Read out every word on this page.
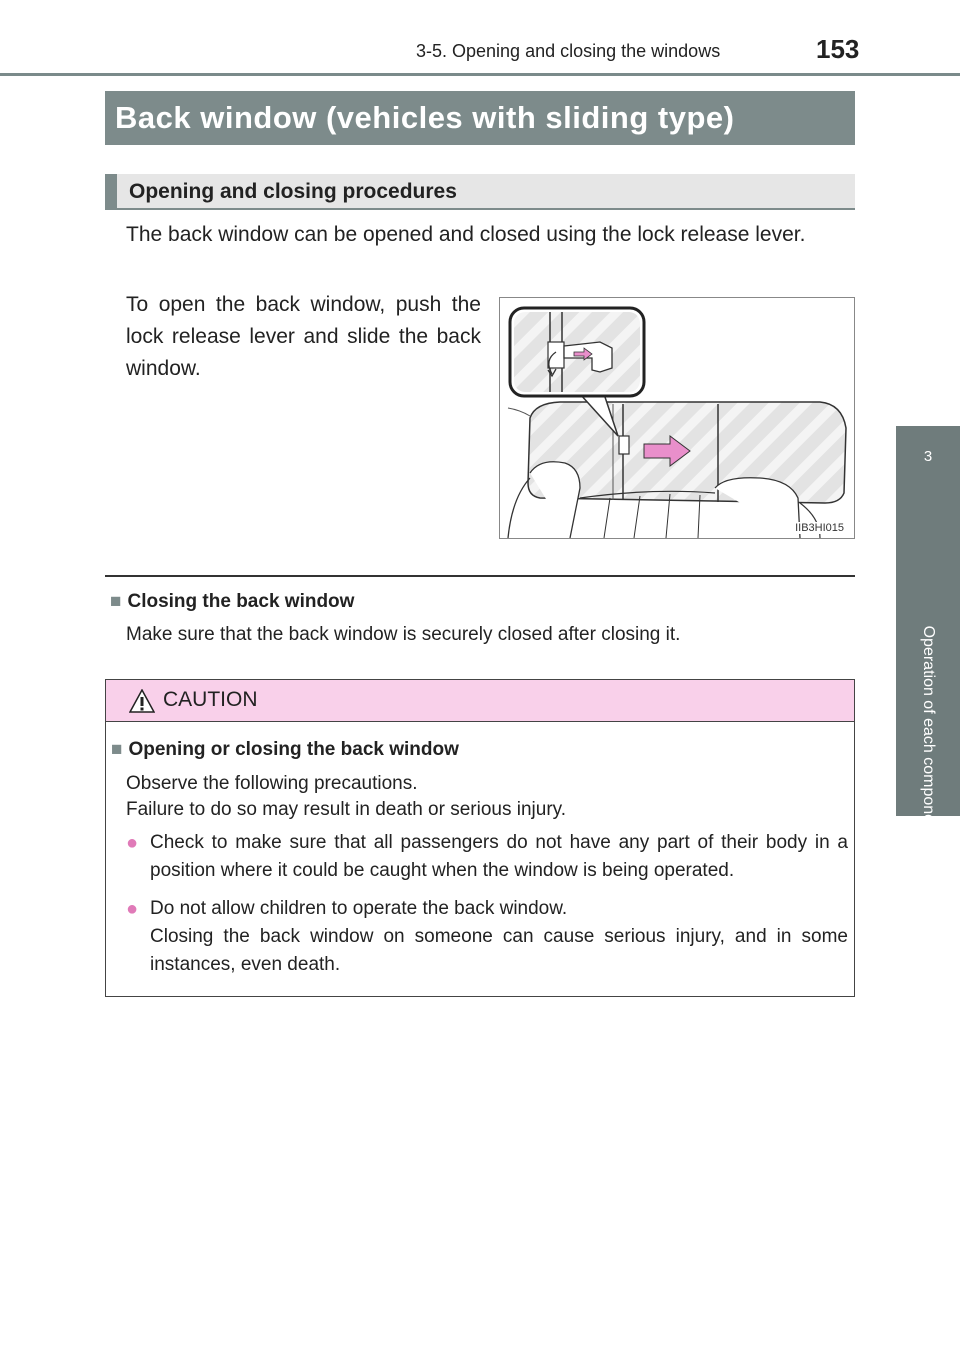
3-5. Opening and closing the windows	153
3
Operation of each component
Back window (vehicles with sliding type)
Opening and closing procedures
The back window can be opened and closed using the lock release lever.
To open the back window, push the lock release lever and slide the back window.
IIB3HI015
■ Closing the back window
Make sure that the back window is securely closed after closing it.
CAUTION
■ Opening or closing the back window
Observe the following precautions.
Failure to do so may result in death or serious injury.
● Check to make sure that all passengers do not have any part of their body in a position where it could be caught when the window is being operated.
● Do not allow children to operate the back window.
Closing the back window on someone can cause serious injury, and in some instances, even death.
